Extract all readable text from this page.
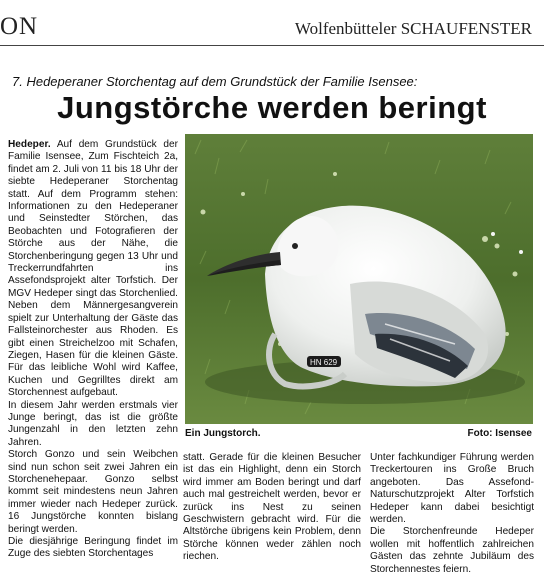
ON	Wolfenbütteler SCHAUFENSTER
7. Hedeperaner Storchentag auf dem Grundstück der Familie Isensee:
Jungstörche werden beringt

Hedeper. Auf dem Grundstück der Familie Isensee, Zum Fischteich 2a, findet am 2. Juli von 11 bis 18 Uhr der siebte Hedeperaner Storchentag statt. Auf dem Programm stehen: Informationen zu den Hedeperaner und Seinstedter Störchen, das Beobachten und Fotografieren der Störche aus der Nähe, die Storchenberingung gegen 13 Uhr und Treckerrundfahrten ins Assefondsprojekt alter Torfstich. Der MGV Hedeper singt das Storchenlied. Neben dem Männergesangverein spielt zur Unterhaltung der Gäste das Fallsteinorchester aus Rhoden. Es gibt einen Streichelzoo mit Schafen, Ziegen, Hasen für die kleinen Gäste. Für das leibliche Wohl wird Kaffee, Kuchen und Gegrilltes direkt am Storchennest aufgebaut.

In diesem Jahr werden erstmals vier Junge beringt, das ist die größte Jungenzahl in den letzten zehn Jahren.

Storch Gonzo und sein Weibchen sind nun schon seit zwei Jahren ein Storchenehepaar. Gonzo selbst kommt seit mindestens neun Jahren immer wieder nach Hedeper zurück. 16 Jungstörche konnten bislang beringt werden.

Die diesjährige Beringung findet im Zuge des siebten Storchentages

HN 629
Ein Jungstorch.	Foto: Isensee

statt. Gerade für die kleinen Besucher ist das ein Highlight, denn ein Storch wird immer am Boden beringt und darf auch mal gestreichelt werden, bevor er zurück ins Nest zu seinen Geschwistern gebracht wird. Für die Altstörche übrigens kein Problem, denn Störche können weder zählen noch riechen.

Unter fachkundiger Führung werden Treckertouren ins Große Bruch angeboten. Das Assefond-Naturschutzprojekt Alter Torfstich Hedeper kann dabei besichtigt werden.

Die Storchenfreunde Hedeper wollen mit hoffentlich zahlreichen Gästen das zehnte Jubiläum des Storchennestes feiern.
